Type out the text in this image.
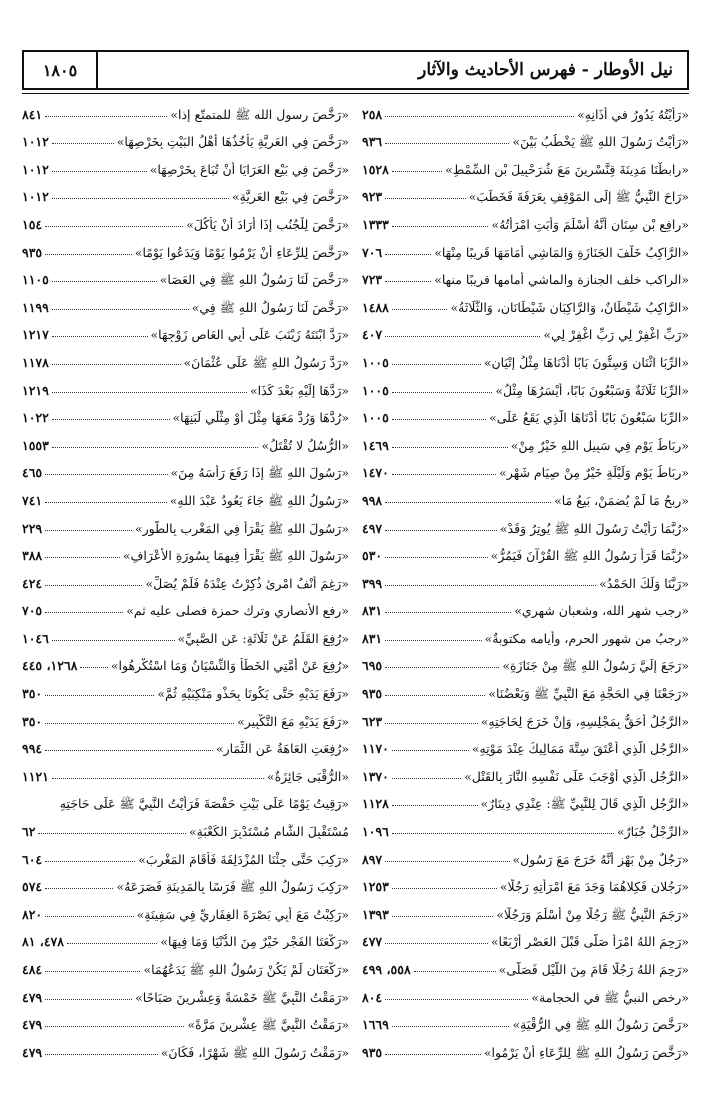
١٨٠٥	نيل الأوطار - فهرس الأحاديث والآثار
«رَأَيْتُهُ يَدُورُ في أَذَانِهِ»
٢٥٨
«رَأَيْتُ رَسُولَ اللهِ ﷺ يَخْطُبُ بَيْنَ»
٩٣٦
«رابطْنَا مَدِينَةَ قِنَّسْرِينَ مَعَ شُرَحْبِيلَ بْنِ السِّمْطِ»
١٥٢٨
«رَاحَ النَّبِيُّ ﷺ إِلَى المَوْقِفِ بِعَرَفَةَ فَخَطَبَ»
٩٢٣
«رافِعِ بْنِ سِنَانٍ أَنَّهُ أَسْلَمَ وَأَبَتِ امْرَأَتُهُ»
١٣٣٣
«الرَّاكِبُ خَلْفَ الجَنَازَةِ وَالمَاشِي أَمَامَهَا قَرِيبًا مِنْهَا»
٧٠٦
«الراكب خلف الجنازة والماشي أمامها قريبًا منها»
٧٢٣
«الرَّاكِبُ شَيْطَانٌ، وَالرَّاكِبَانِ شَيْطَانَانِ، وَالثَّلَاثَةُ»
١٤٨٨
«رَبِّ اغْفِرْ لِي رَبِّ اغْفِرْ لِي»
٤٠٧
«الرِّبَا اثْنَانِ وَسِتُّونَ بَابًا أَدْنَاهَا مِثْلُ إِتْيَانِ»
١٠٠٥
«الرِّبَا ثَلَاثَةٌ وَسَبْعُونَ بَابًا، أَيْسَرُهَا مِثْلُ»
١٠٠٥
«الرِّبَا سَبْعُونَ بَابًا أَدْنَاهَا الَّذِي يَقَعُ عَلَى»
١٠٠٥
«رِبَاطُ يَوْمٍ فِي سَبِيلِ اللهِ خَيْرٌ مِنْ»
١٤٦٩
«رِبَاطُ يَوْمٍ وَلَيْلَةٍ خَيْرٌ مِنْ صِيَامِ شَهْرٍ»
١٤٧٠
«رِبحُ مَا لَمْ يُضمَنْ، بَيعُ مَا»
٩٩٨
«رُبَّمَا رَأَيْتُ رَسُولَ اللهِ ﷺ يُوتِرُ وَقَدْ»
٤٩٧
«رُبَّمَا قَرَأَ رَسُولُ اللهِ ﷺ القُرْآنَ فَيَمُرُّ»
٥٣٠
«رَبَّنَا وَلَكَ الحَمْدُ»
٣٩٩
«رجب شهر الله، وشعبان شهري»
٨٣١
«رجبُ من شهور الحرم، وأيامه مكتوبةٌ»
٨٣١
«رَجَعَ إِلَيَّ رَسُولُ اللهِ ﷺ مِنْ جَنَازَةٍ»
٦٩٥
«رَجَعْنَا فِي الحَجَّةِ مَعَ النَّبِيِّ ﷺ وَبَعْضُنَا»
٩٣٥
«الرَّجُلُ أَحَقُّ بِمَجْلِسِهِ، وَإِنْ خَرَجَ لِحَاجَتِهِ»
٦٢٣
«الرَّجُلِ الَّذِي أَعْتَقَ سِتَّةَ مَمَالِيكَ عِنْدَ مَوْتِهِ»
١١٧٠
«الرَّجُلِ الَّذِي أَوْجَبَ عَلَى نَفْسِهِ النَّارَ بِالقَتْلِ»
١٣٧٠
«الرَّجُلِ الَّذِي قَالَ لِلنَّبِيِّ ﷺ: عِنْدِي دِينَارٌ»
١١٢٨
«الرِّجْلُ جُبَارٌ»
١٠٩٦
«رَجُلٌ مِنْ بَهْزٍ أَنَّهُ خَرَجَ مَعَ رَسُولِ»
٨٩٧
«رَجُلانِ فَكِلاهُمَا وَجَدَ مَعَ امْرَأَتِهِ رَجُلًا»
١٢٥٣
«رَجَمَ النَّبِيُّ ﷺ رَجُلًا مِنْ أَسْلَمَ وَرَجُلًا»
١٣٩٣
«رَحِمَ اللهُ امْرَأً صَلَّى قَبْلَ العَصْرِ أَرْبَعًا»
٤٧٧
«رَحِمَ اللهُ رَجُلًا قَامَ مِنَ اللَّيْلِ فَصَلَّى»
٥٥٨، ٤٩٩
«رخص النبيُّ ﷺ في الحجامة»
٨٠٤
«رَخَّصَ رَسُولُ اللهِ ﷺ فِي الرُّقْيَةِ»
١٦٦٩
«رَخَّصَ رَسُولُ اللهِ ﷺ لِلرِّعَاءِ أَنْ يَرْمُوا»
٩٣٥
«رَخَّصَ رسول الله ﷺ للمتمتّع إذا»
٨٤١
«رَخَّصَ فِي العَرِيَّةِ يَأْخُذُهَا أَهْلُ البَيْتِ بِخَرْصِهَا»
١٠١٢
«رَخَّصَ فِي بَيْعِ العَرَايَا أَنْ تُبَاعَ بِخَرْصِهَا»
١٠١٢
«رَخَّصَ فِي بَيْعِ العَرِيَّةِ»
١٠١٢
«رَخَّصَ لِلْجُنُبِ إِذَا أَرَادَ أَنْ يَأْكُلَ»
١٥٤
«رَخَّصَ لِلرِّعَاءِ أَنْ يَرْمُوا يَوْمًا وَيَدَعُوا يَوْمًا»
٩٣٥
«رَخَّصَ لَنَا رَسُولُ اللهِ ﷺ فِي العَصَا»
١١٠٥
«رَخَّصَ لَنَا رَسُولُ اللهِ ﷺ فِي»
١١٩٩
«رَدَّ ابْنَتَهُ زَيْنَبَ عَلَى أَبِي العَاصِ زَوْجِهَا»
١٢١٧
«رَدَّ رَسُولُ اللهِ ﷺ عَلَى عُثْمَانَ»
١١٧٨
«رَدَّهَا إِلَيْهِ بَعْدَ كَذَا»
١٢١٩
«رُدَّهَا وَرُدَّ مَعَهَا مِثْلَ أَوْ مِثْلَي لَبَنِهَا»
١٠٢٢
«الرُّسُلُ لا تُقْتَلُ»
١٥٥٣
«رَسُولَ اللهِ ﷺ إِذَا رَفَعَ رَأْسَهُ مِنَ»
٤٦٥
«رَسُولُ اللهِ ﷺ جَاءَ يَعُودُ عَبْدَ اللهِ»
٧٤١
«رَسُولَ اللهِ ﷺ يَقْرَأُ فِي المَغْرِبِ بِالطُّورِ»
٢٢٩
«رَسُولَ اللهِ ﷺ يَقْرَأُ فِيهِمَا بِسُورَةِ الأَعْرَافِ»
٣٨٨
«رَغِمَ أَنْفُ امْرِئٍ ذُكِرْتُ عِنْدَهُ فَلَمْ يُصَلِّ»
٤٢٤
«رفع الأنصاري وترك حمزة فصلى عليه ثم»
٧٠٥
«رُفِعَ القَلَمُ عَنْ ثَلَاثَةٍ: عَنِ الصَّبِيِّ»
١٠٤٦
«رُفِعَ عَنْ أُمَّتِي الخَطَأُ وَالنِّسْيَانُ وَمَا اسْتُكْرِهُوا»
١٢٦٨، ٤٤٥
«رَفَعَ يَدَيْهِ حَتَّى يَكُونَا بِحَذْوِ مَنْكِبَيْهِ ثُمَّ»
٣٥٠
«رَفَعَ يَدَيْهِ مَعَ التَّكْبِيرِ»
٣٥٠
«رُفِعَتِ العَاهَةُ عَنِ الثِّمَارِ»
٩٩٤
«الرُّقْبَى جَائِزَةٌ»
١١٢١
«رَقِيتُ يَوْمًا عَلَى بَيْتِ حَفْصَةَ فَرَأَيْتُ النَّبِيَّ ﷺ عَلَى حَاجَتِهِ
مُسْتَقْبِلَ الشَّامِ مُسْتَدْبِرَ الكَعْبَةِ»
٦٢
«رَكِبَ حَتَّى جِئْنَا المُزْدَلِفَةَ فَأَقَامَ المَغْرِبَ»
٦٠٤
«رَكِبَ رَسُولُ اللهِ ﷺ فَرَسًا بِالمَدِينَةِ فَصَرَعَهُ»
٥٧٤
«رَكِبْتُ مَعَ أَبِي بَصْرَةَ الغِفَارِيِّ فِي سَفِينَةٍ»
٨٢٠
«رَكْعَتَا الفَجْرِ خَيْرٌ مِنَ الدُّنْيَا وَمَا فِيهَا»
٤٧٨، ٨١
«رَكْعَتَانِ لَمْ يَكُنْ رَسُولُ اللهِ ﷺ يَدَعُهُمَا»
٤٨٤
«رَمَقْتُ النَّبِيَّ ﷺ خَمْسَةً وَعِشْرِينَ صَبَاحًا»
٤٧٩
«رَمَقْتُ النَّبِيَّ ﷺ عِشْرِينَ مَرَّةً»
٤٧٩
«رَمَقْتُ رَسُولَ اللهِ ﷺ شَهْرًا، فَكَانَ»
٤٧٩
